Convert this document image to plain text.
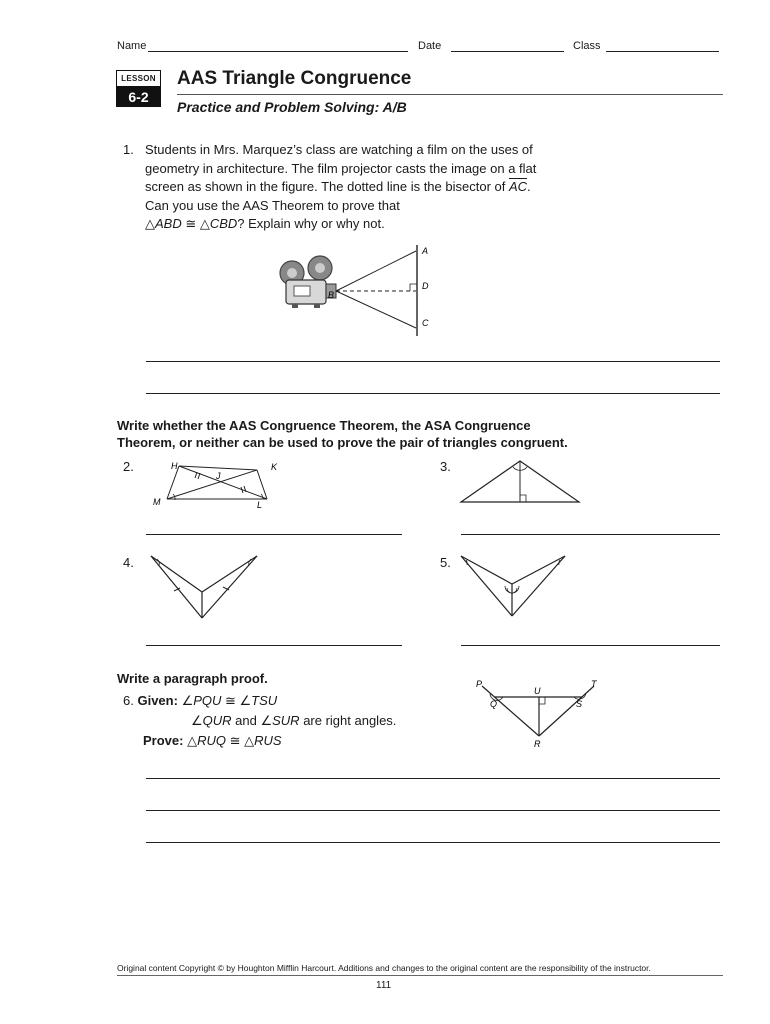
Name	Date	Class
LESSON
6-2
AAS Triangle Congruence
Practice and Problem Solving: A/B
1. Students in Mrs. Marquez’s class are watching a film on the uses of
geometry in architecture. The film projector casts the image on a flat
screen as shown in the figure. The dotted line is the bisector of $\overline{AC}$.
Can you use the AAS Theorem to prove that
△ABD ≅ △CBD? Explain why or why not.
A
D
C
B
Write whether the AAS Congruence Theorem, the ASA Congruence
Theorem, or neither can be used to prove the pair of triangles congruent.
2.	H	K
J
M	L
3.
4.	5.
Write a paragraph proof.
6. Given: ∠PQU ≅ ∠TSU
∠QUR and ∠SUR are right angles.
Prove: △RUQ ≅ △RUS
P	T
U
Q	S
R
Original content Copyright © by Houghton Mifflin Harcourt. Additions and changes to the original content are the responsibility of the instructor.
111
